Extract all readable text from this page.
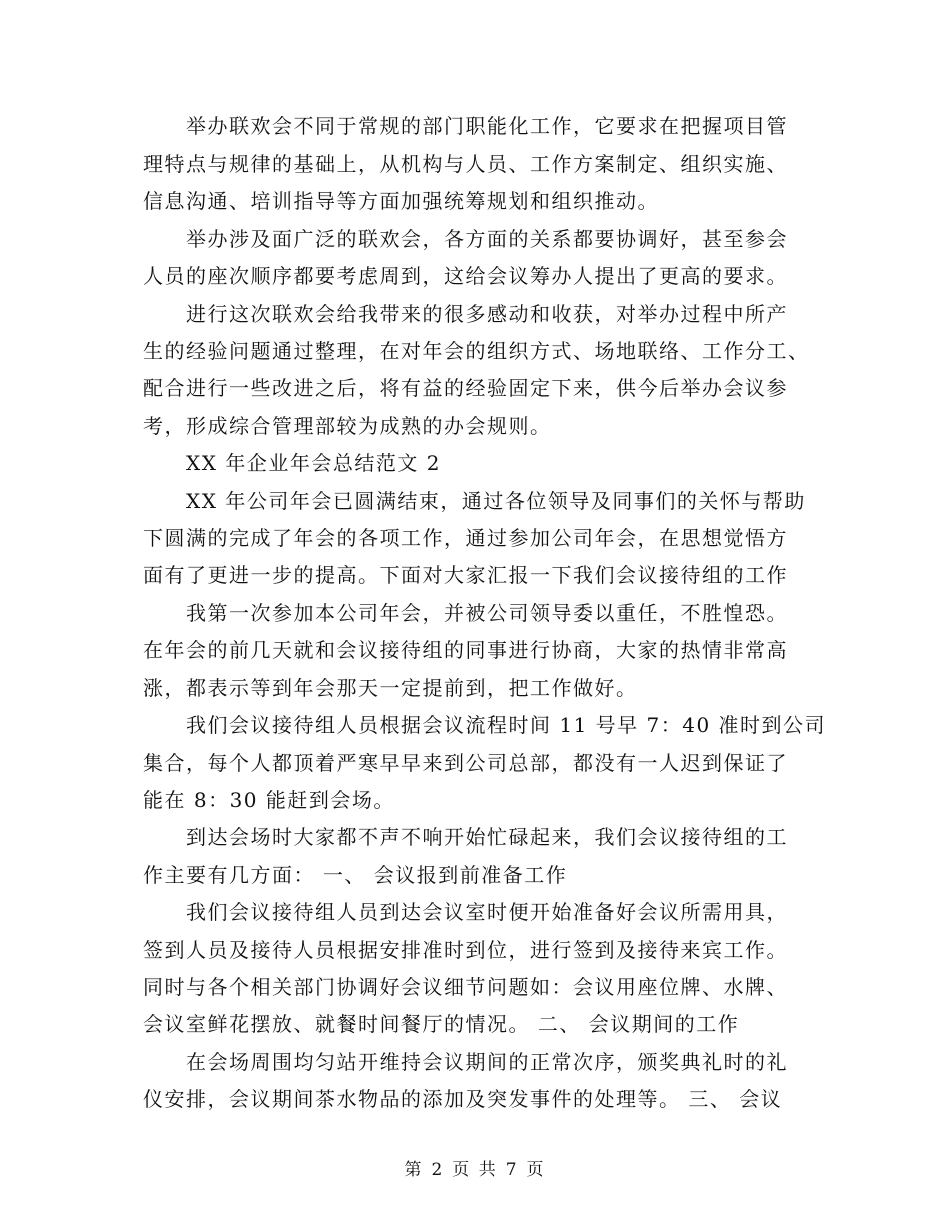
举办联欢会不同于常规的部门职能化工作，它要求在把握项目管
理特点与规律的基础上，从机构与人员、工作方案制定、组织实施、
信息沟通、培训指导等方面加强统筹规划和组织推动。
举办涉及面广泛的联欢会，各方面的关系都要协调好，甚至参会
人员的座次顺序都要考虑周到，这给会议筹办人提出了更高的要求。
进行这次联欢会给我带来的很多感动和收获，对举办过程中所产
生的经验问题通过整理，在对年会的组织方式、场地联络、工作分工、
配合进行一些改进之后，将有益的经验固定下来，供今后举办会议参
考，形成综合管理部较为成熟的办会规则。
XX 年企业年会总结范文 2
XX 年公司年会已圆满结束，通过各位领导及同事们的关怀与帮助
下圆满的完成了年会的各项工作，通过参加公司年会，在思想觉悟方
面有了更进一步的提高。下面对大家汇报一下我们会议接待组的工作
我第一次参加本公司年会，并被公司领导委以重任，不胜惶恐。
在年会的前几天就和会议接待组的同事进行协商，大家的热情非常高
涨，都表示等到年会那天一定提前到，把工作做好。
我们会议接待组人员根据会议流程时间 11 号早 7：40 准时到公司
集合，每个人都顶着严寒早早来到公司总部，都没有一人迟到保证了
能在 8：30 能赶到会场。
到达会场时大家都不声不响开始忙碌起来，我们会议接待组的工
作主要有几方面： 一、 会议报到前准备工作
我们会议接待组人员到达会议室时便开始准备好会议所需用具，
签到人员及接待人员根据安排准时到位，进行签到及接待来宾工作。
同时与各个相关部门协调好会议细节问题如：会议用座位牌、水牌、
会议室鲜花摆放、就餐时间餐厅的情况。 二、 会议期间的工作
在会场周围均匀站开维持会议期间的正常次序，颁奖典礼时的礼
仪安排，会议期间茶水物品的添加及突发事件的处理等。 三、 会议
第 2 页 共 7 页
